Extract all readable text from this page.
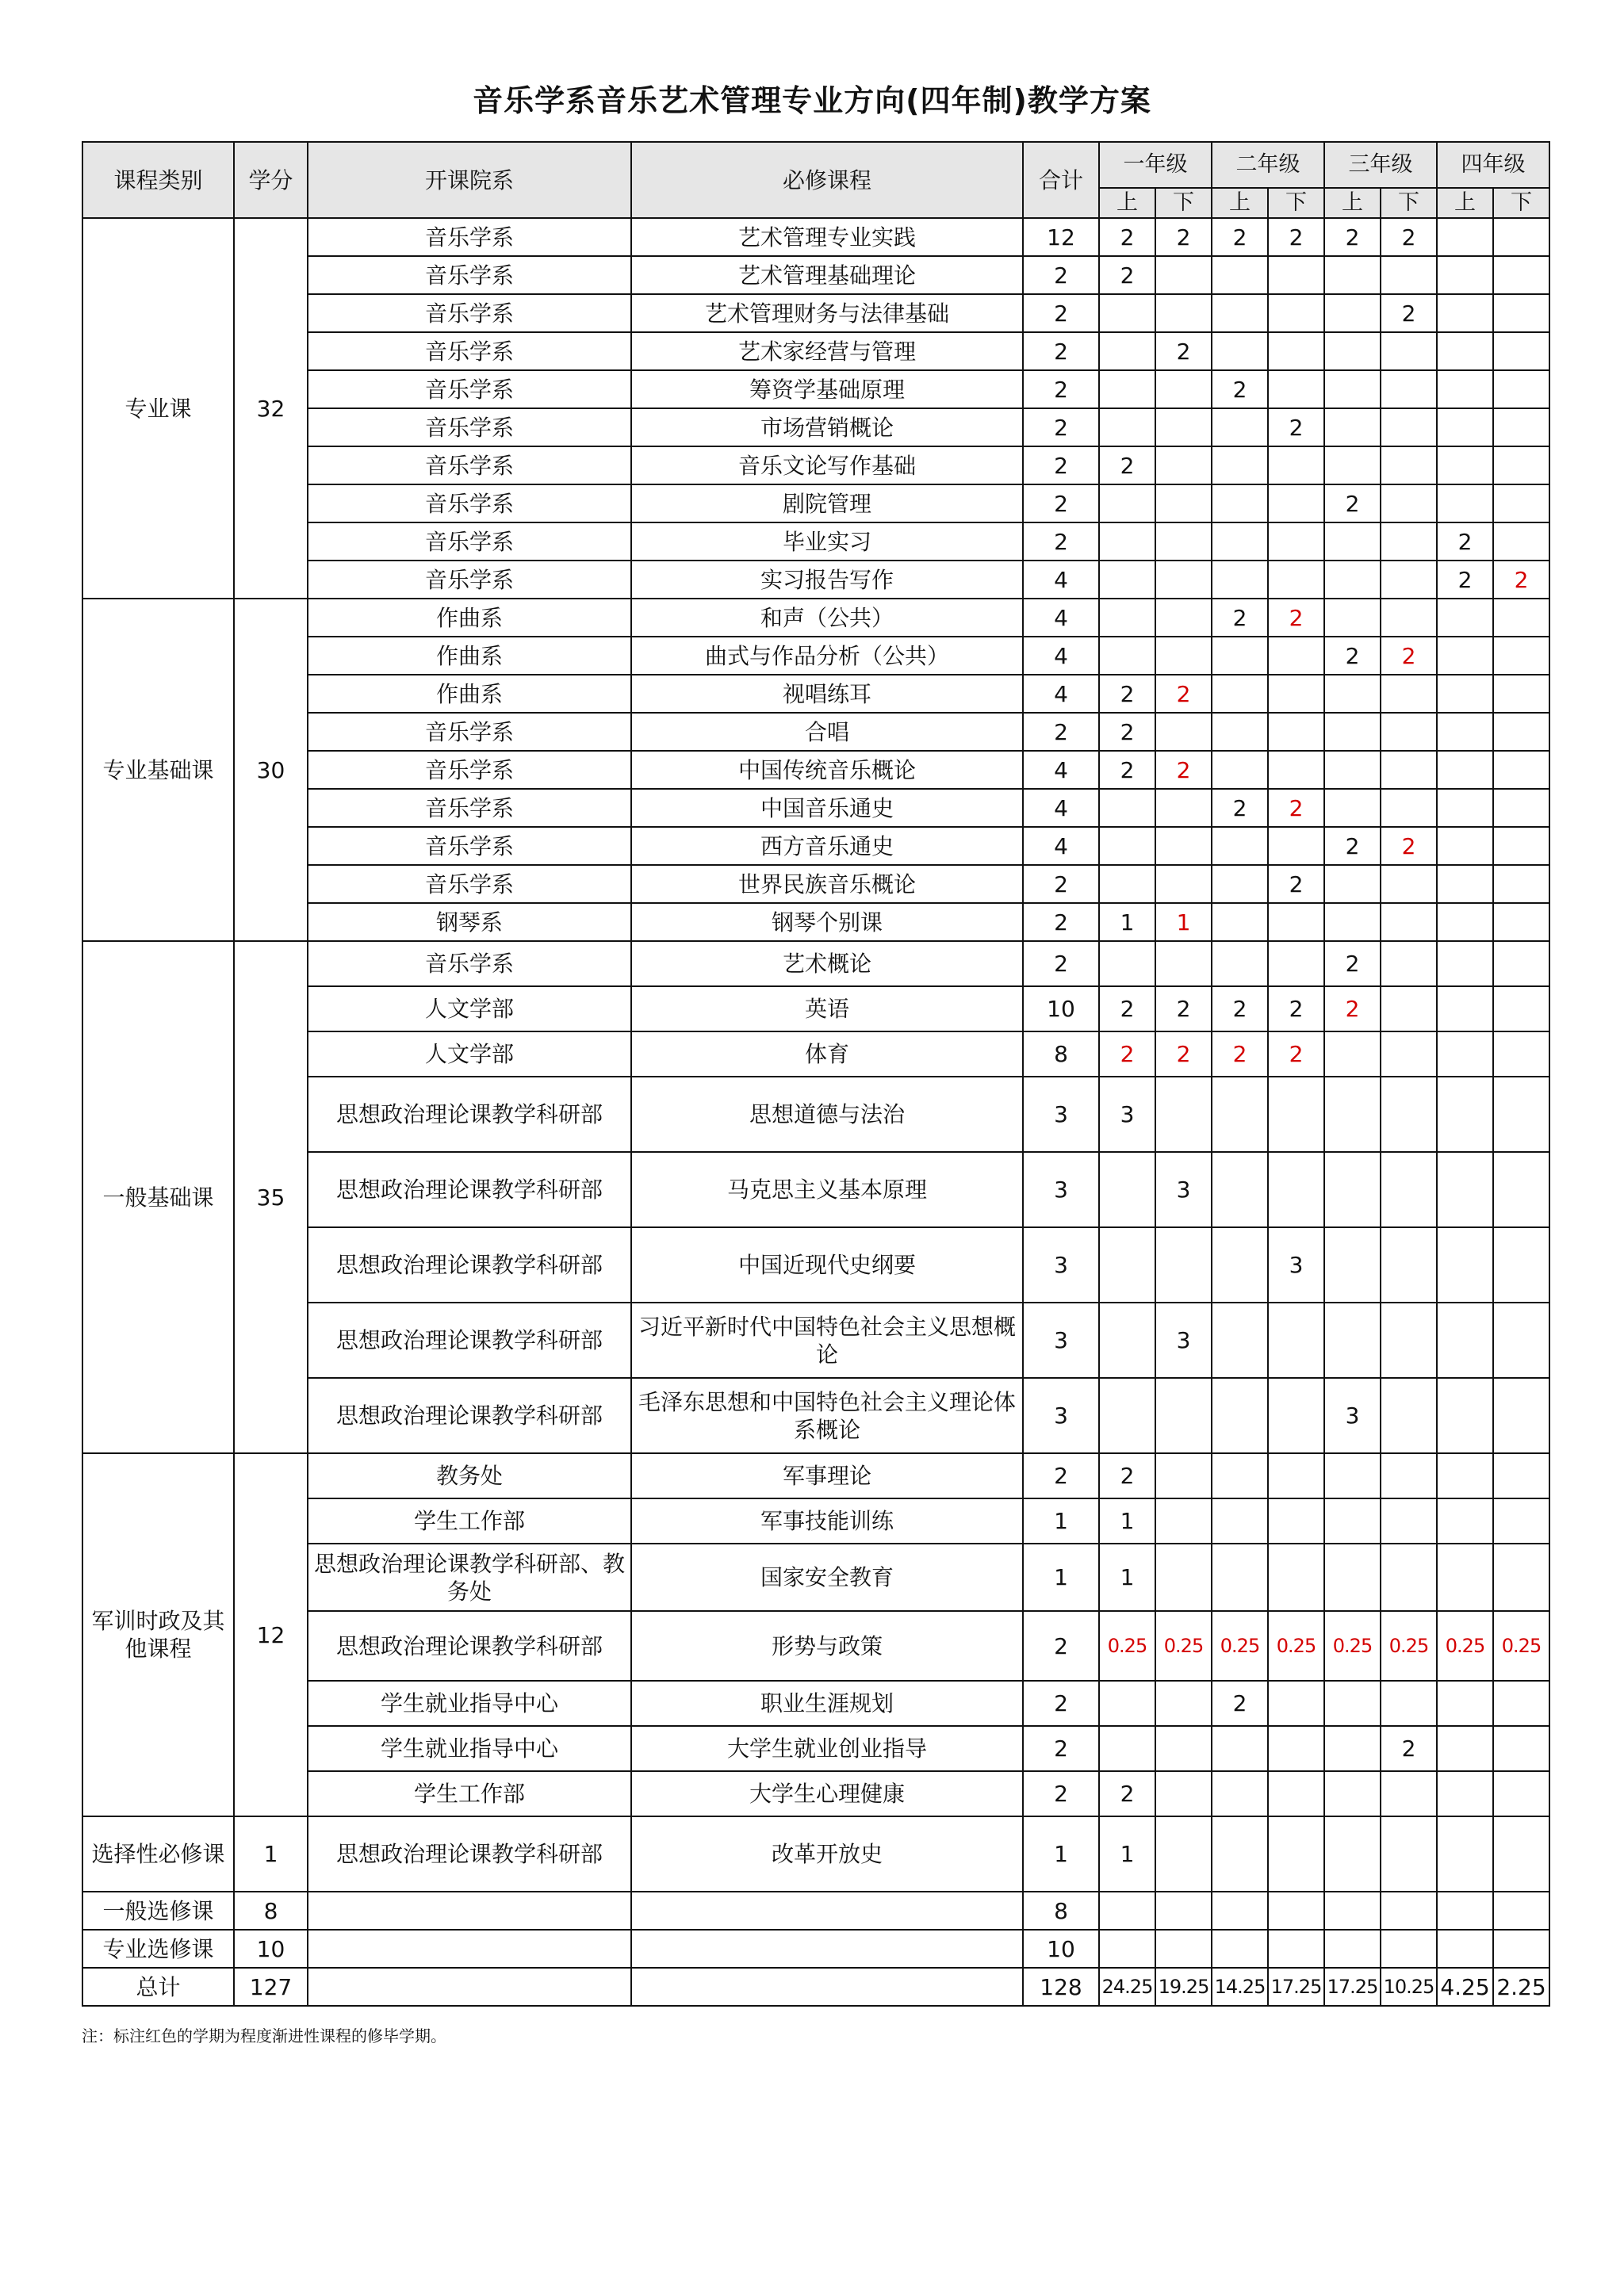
音乐学系音乐艺术管理专业方向(四年制)教学方案
课程类别	学分	开课院系	必修课程	合计	一年级		二年级		三年级		四年级	
					上	下	上	下	上	下	上	下
专业课	32	音乐学系	艺术管理专业实践	12	2	2	2	2	2	2		
		音乐学系	艺术管理基础理论	2	2							
		音乐学系	艺术管理财务与法律基础	2						2		
		音乐学系	艺术家经营与管理	2		2						
		音乐学系	筹资学基础原理	2			2					
		音乐学系	市场营销概论	2				2				
		音乐学系	音乐文论写作基础	2	2							
		音乐学系	剧院管理	2					2			
		音乐学系	毕业实习	2							2	
		音乐学系	实习报告写作	4							2	2
专业基础课	30	作曲系	和声（公共）	4			2	2				
		作曲系	曲式与作品分析（公共）	4					2	2		
		作曲系	视唱练耳	4	2	2						
		音乐学系	合唱	2	2							
		音乐学系	中国传统音乐概论	4	2	2						
		音乐学系	中国音乐通史	4			2	2				
		音乐学系	西方音乐通史	4					2	2		
		音乐学系	世界民族音乐概论	2				2				
		钢琴系	钢琴个别课	2	1	1						
一般基础课	35	音乐学系	艺术概论	2					2			
		人文学部	英语	10	2	2	2	2	2			
		人文学部	体育	8	2	2	2	2				
		思想政治理论课教学科研部	思想道德与法治	3	3							
		思想政治理论课教学科研部	马克思主义基本原理	3		3						
		思想政治理论课教学科研部	中国近现代史纲要	3				3				
		思想政治理论课教学科研部	习近平新时代中国特色社会主义思想概论	3		3						
		思想政治理论课教学科研部	毛泽东思想和中国特色社会主义理论体系概论	3					3			
军训时政及其他课程	12	教务处	军事理论	2	2							
		学生工作部	军事技能训练	1	1							
		思想政治理论课教学科研部、教务处	国家安全教育	1	1							
		思想政治理论课教学科研部	形势与政策	2	0.25	0.25	0.25	0.25	0.25	0.25	0.25	0.25
		学生就业指导中心	职业生涯规划	2			2					
		学生就业指导中心	大学生就业创业指导	2						2		
		学生工作部	大学生心理健康	2	2							
选择性必修课	1	思想政治理论课教学科研部	改革开放史	1	1							
一般选修课	8			8								
专业选修课	10			10								
总计	127			128	24.25	19.25	14.25	17.25	17.25	10.25	4.25	2.25
注：标注红色的学期为程度渐进性课程的修毕学期。
